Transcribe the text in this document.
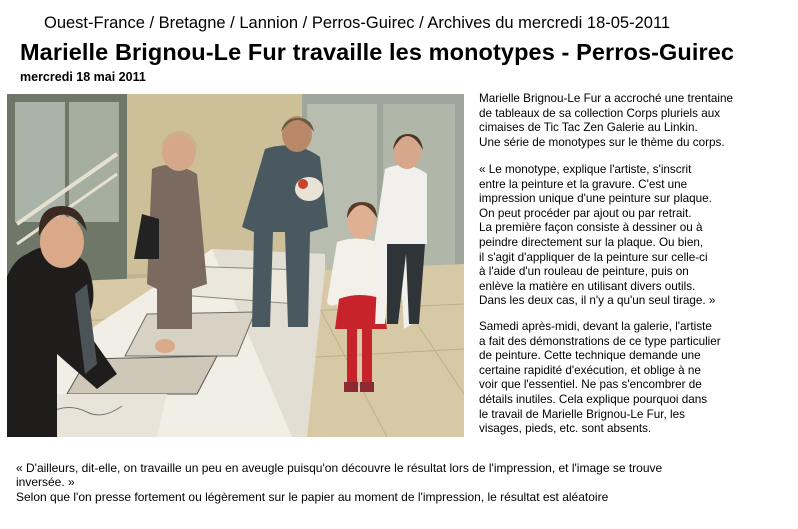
Ouest-France / Bretagne / Lannion / Perros-Guirec / Archives du mercredi 18-05-2011
Marielle Brignou-Le Fur travaille les monotypes - Perros-Guirec
mercredi 18 mai 2011

Marielle Brignou-Le Fur a accroché une trentaine
de tableaux de sa collection Corps pluriels aux
cimaises de Tic Tac Zen Galerie au Linkin.
Une série de monotypes sur le thème du corps.

« Le monotype, explique l'artiste, s'inscrit
entre la peinture et la gravure. C'est une
impression unique d'une peinture sur plaque.
On peut procéder par ajout ou par retrait.
La première façon consiste à dessiner ou à
peindre directement sur la plaque. Ou bien,
il s'agit d'appliquer de la peinture sur celle-ci
à l'aide d'un rouleau de peinture, puis on
enlève la matière en utilisant divers outils.
Dans les deux cas, il n'y a qu'un seul tirage. »

Samedi après-midi, devant la galerie, l'artiste
a fait des démonstrations de ce type particulier
de peinture. Cette technique demande une
certaine rapidité d'exécution, et oblige à ne
voir que l'essentiel. Ne pas s'encombrer de
détails inutiles. Cela explique pourquoi dans
le travail de Marielle Brignou-Le Fur, les
visages, pieds, etc. sont absents.

« D'ailleurs, dit-elle, on travaille un peu en aveugle puisqu'on découvre le résultat lors de l'impression, et l'image se trouve
inversée. »

Selon que l'on presse fortement ou légèrement sur le papier au moment de l'impression, le résultat est aléatoire
